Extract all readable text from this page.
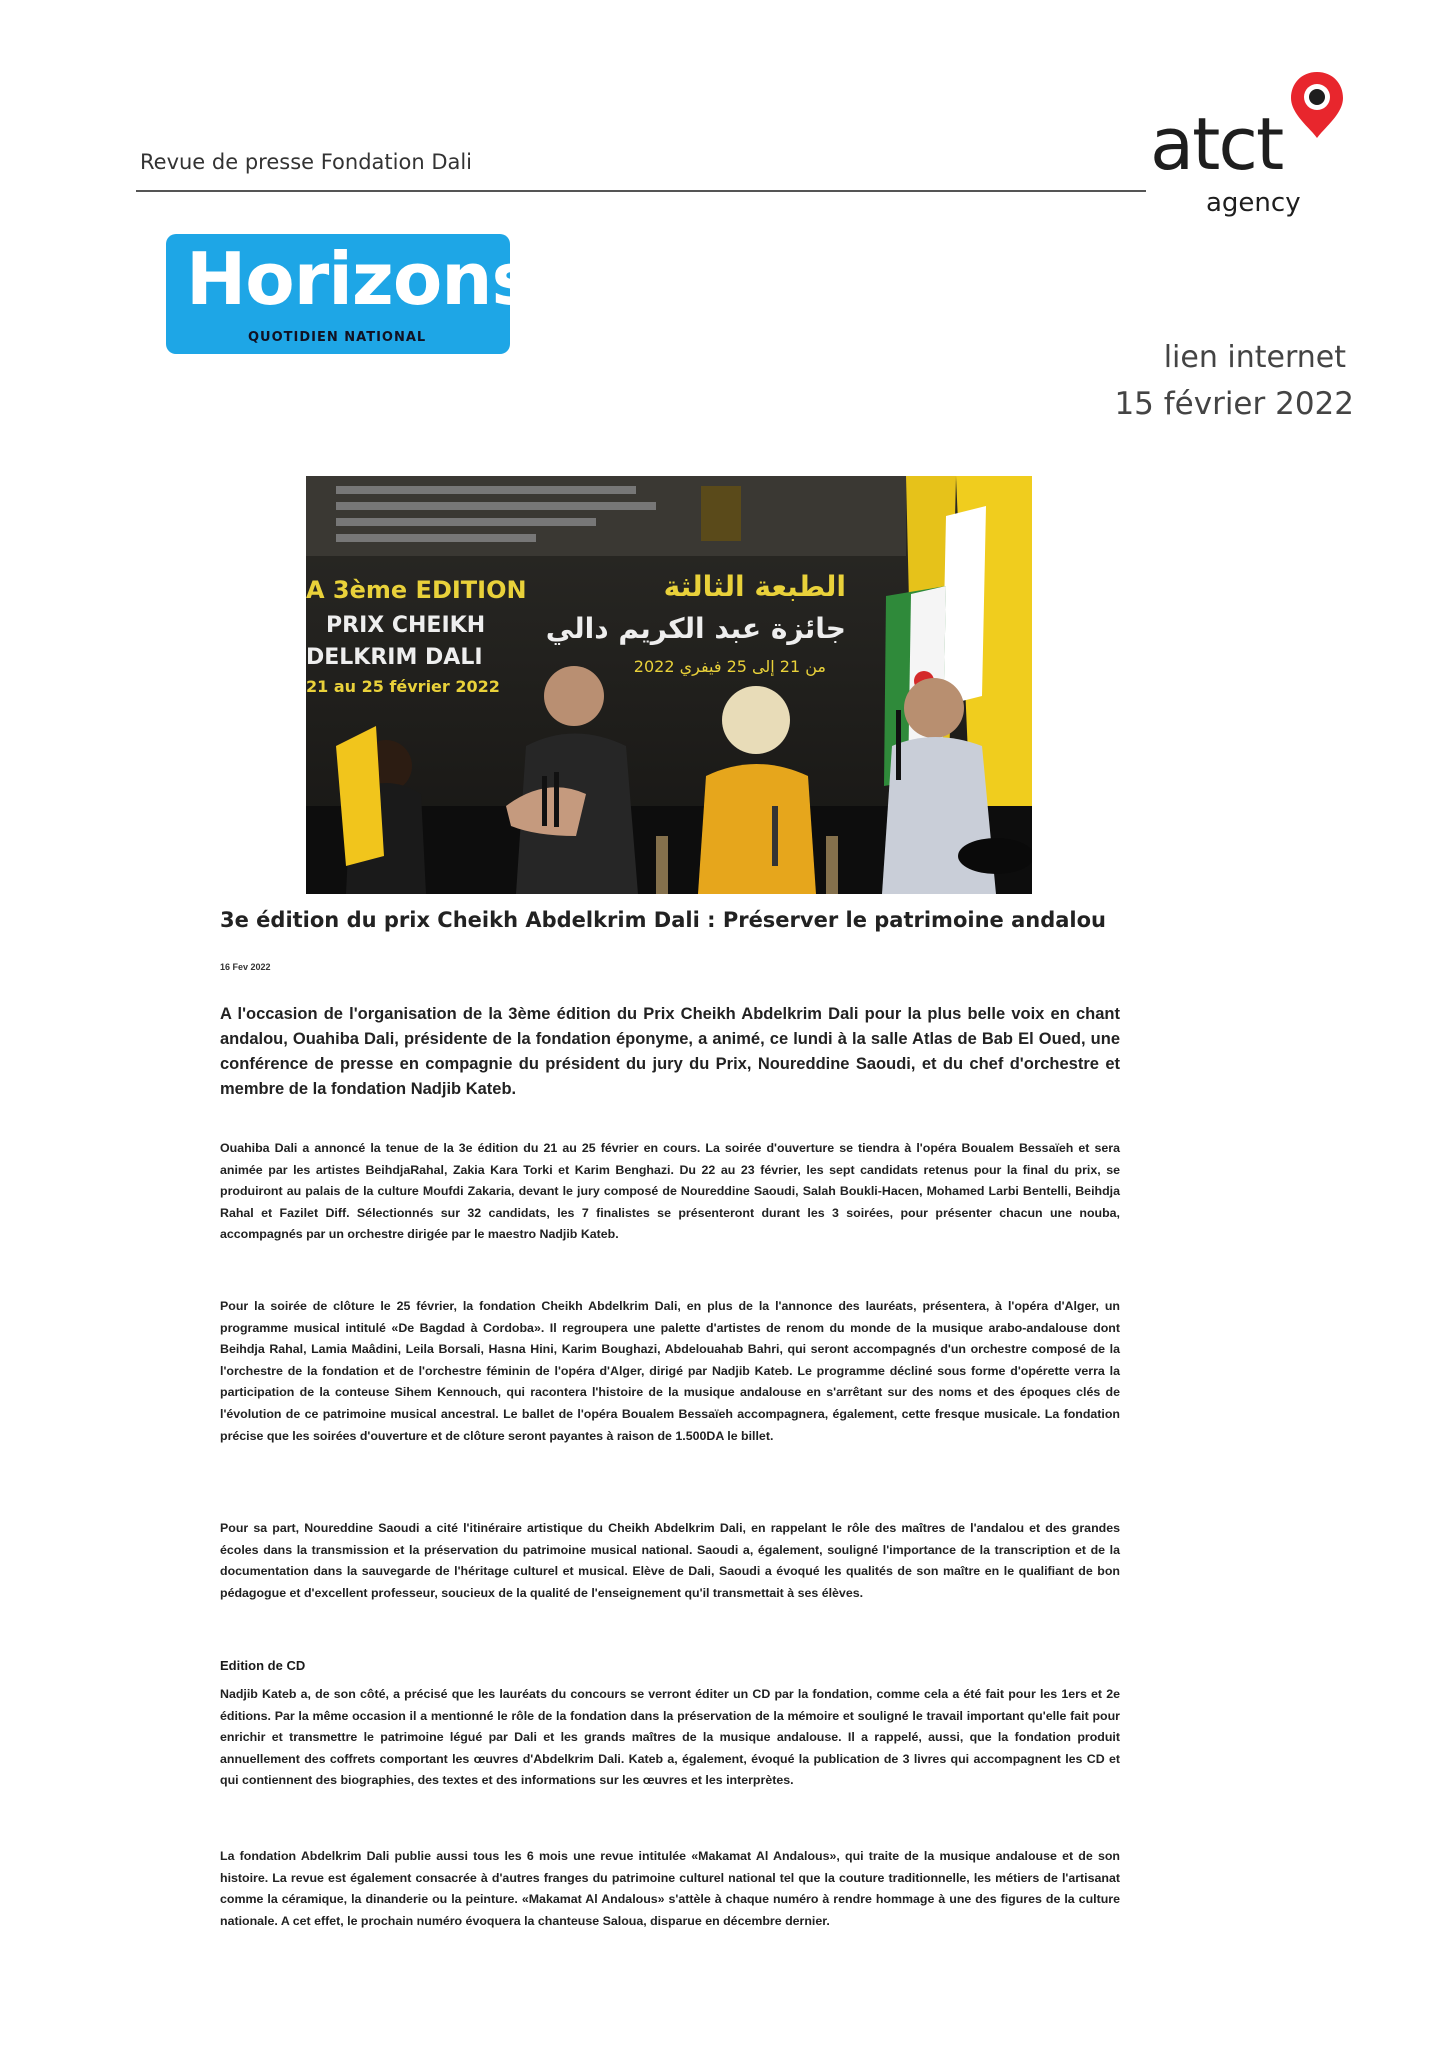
Revue de presse Fondation Dali	atct
agency
Horizons
QUOTIDIEN NATIONAL
lien internet
15 février 2022
A 3ème EDITION
PRIX CHEIKH
DELKRIM DALI
21 au 25 février 2022
الطبعة الثالثة
جائزة عبد الكريم دالي
من 21 إلى 25 فيفري 2022
3e édition du prix Cheikh Abdelkrim Dali : Préserver le patrimoine andalou
16 Fev 2022
A l'occasion de l'organisation de la 3ème édition du Prix Cheikh Abdelkrim Dali pour la plus belle voix en chant andalou, Ouahiba Dali, présidente de la fondation éponyme, a animé, ce lundi à la salle Atlas de Bab El Oued, une conférence de presse en compagnie du président du jury du Prix, Noureddine Saoudi, et du chef d'orchestre et membre de la fondation Nadjib Kateb.

Ouahiba Dali a annoncé la tenue de la 3e édition du 21 au 25 février en cours. La soirée d'ouverture se tiendra à l'opéra Boualem Bessaïeh et sera animée par les artistes BeihdjaRahal, Zakia Kara Torki et Karim Benghazi. Du 22 au 23 février, les sept candidats retenus pour la final du prix, se produiront au palais de la culture Moufdi Zakaria, devant le jury composé de Noureddine Saoudi, Salah Boukli-Hacen, Mohamed Larbi Bentelli, Beihdja Rahal et Fazilet Diff. Sélectionnés sur 32 candidats, les 7 finalistes se présenteront durant les 3 soirées, pour présenter chacun une nouba, accompagnés par un orchestre dirigée par le maestro Nadjib Kateb.

Pour la soirée de clôture le 25 février, la fondation Cheikh Abdelkrim Dali, en plus de la l'annonce des lauréats, présentera, à l'opéra d'Alger, un programme musical intitulé «De Bagdad à Cordoba». Il regroupera une palette d'artistes de renom du monde de la musique arabo-andalouse dont Beihdja Rahal, Lamia Maâdini, Leila Borsali, Hasna Hini, Karim Boughazi, Abdelouahab Bahri, qui seront accompagnés d'un orchestre composé de la l'orchestre de la fondation et de l'orchestre féminin de l'opéra d'Alger, dirigé par Nadjib Kateb. Le programme décliné sous forme d'opérette verra la participation de la conteuse Sihem Kennouch, qui racontera l'histoire de la musique andalouse en s'arrêtant sur des noms et des époques clés de l'évolution de ce patrimoine musical ancestral. Le ballet de l'opéra Boualem Bessaïeh accompagnera, également, cette fresque musicale. La fondation précise que les soirées d'ouverture et de clôture seront payantes à raison de 1.500DA le billet.

Pour sa part, Noureddine Saoudi a cité l'itinéraire artistique du Cheikh Abdelkrim Dali, en rappelant le rôle des maîtres de l'andalou et des grandes écoles dans la transmission et la préservation du patrimoine musical national. Saoudi a, également, souligné l'importance de la transcription et de la documentation dans la sauvegarde de l'héritage culturel et musical. Elève de Dali, Saoudi a évoqué les qualités de son maître en le qualifiant de bon pédagogue et d'excellent professeur, soucieux de la qualité de l'enseignement qu'il transmettait à ses élèves.

Edition de CD

Nadjib Kateb a, de son côté, a précisé que les lauréats du concours se verront éditer un CD par la fondation, comme cela a été fait pour les 1ers et 2e éditions. Par la même occasion il a mentionné le rôle de la fondation dans la préservation de la mémoire et souligné le travail important qu'elle fait pour enrichir et transmettre le patrimoine légué par Dali et les grands maîtres de la musique andalouse. Il a rappelé, aussi, que la fondation produit annuellement des coffrets comportant les œuvres d'Abdelkrim Dali. Kateb a, également, évoqué la publication de 3 livres qui accompagnent les CD et qui contiennent des biographies, des textes et des informations sur les œuvres et les interprètes.

La fondation Abdelkrim Dali publie aussi tous les 6 mois une revue intitulée «Makamat Al Andalous», qui traite de la musique andalouse et de son histoire. La revue est également consacrée à d'autres franges du patrimoine culturel national tel que la couture traditionnelle, les métiers de l'artisanat comme la céramique, la dinanderie ou la peinture. «Makamat Al Andalous» s'attèle à chaque numéro à rendre hommage à une des figures de la culture nationale. A cet effet, le prochain numéro évoquera la chanteuse Saloua, disparue en décembre dernier.
